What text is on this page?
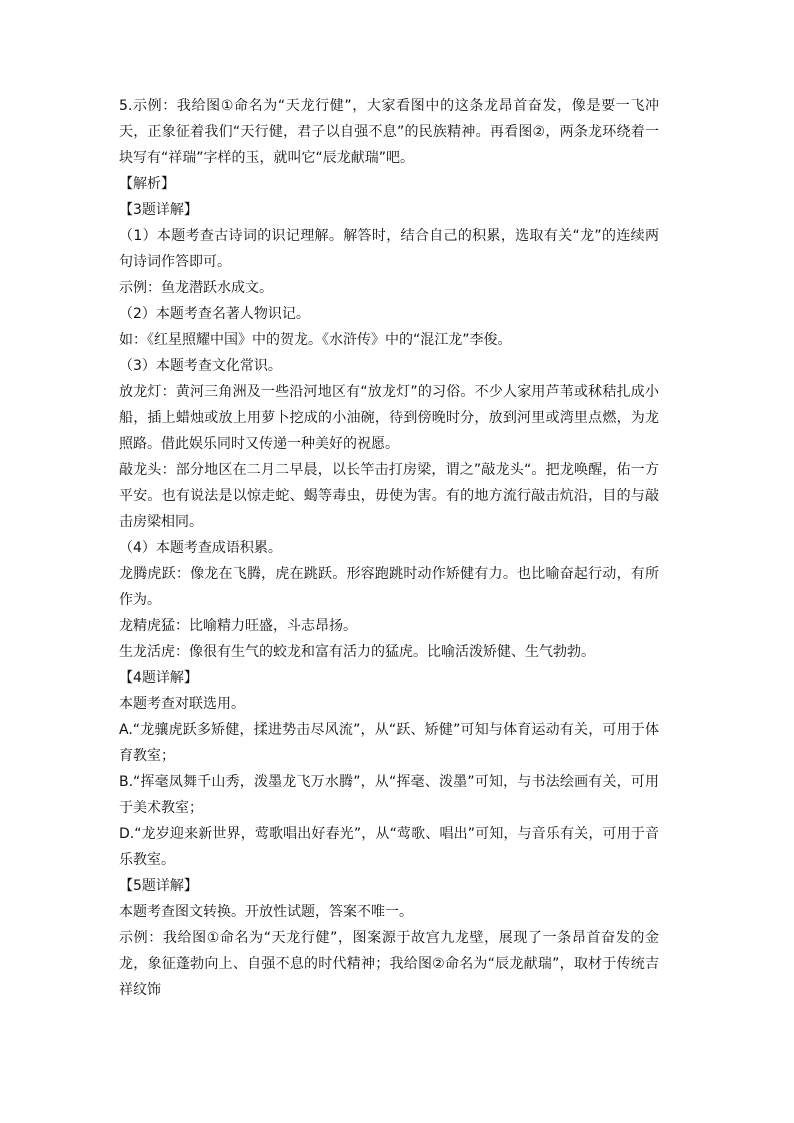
5.示例：我给图①命名为“天龙行健”，大家看图中的这条龙昂首奋发，像是要一飞冲天，正象征着我们“天行健，君子以自强不息”的民族精神。再看图②，两条龙环绕着一块写有“祥瑞”字样的玉，就叫它“辰龙献瑞”吧。

【解析】

【3题详解】

（1）本题考查古诗词的识记理解。解答时，结合自己的积累，选取有关“龙”的连续两句诗词作答即可。

示例：鱼龙潜跃水成文。

（2）本题考查名著人物识记。

如：《红星照耀中国》中的贺龙。《水浒传》中的“混江龙”李俊。

（3）本题考查文化常识。

放龙灯：黄河三角洲及一些沿河地区有“放龙灯”的习俗。不少人家用芦苇或秫秸扎成小船，插上蜡烛或放上用萝卜挖成的小油碗，待到傍晚时分，放到河里或湾里点燃，为龙照路。借此娱乐同时又传递一种美好的祝愿。

敲龙头：部分地区在二月二早晨，以长竿击打房梁，谓之”敲龙头“。把龙唤醒，佑一方平安。也有说法是以惊走蛇、蝎等毒虫，毋使为害。有的地方流行敲击炕沿，目的与敲击房梁相同。

（4）本题考查成语积累。

龙腾虎跃：像龙在飞腾，虎在跳跃。形容跑跳时动作矫健有力。也比喻奋起行动，有所作为。

龙精虎猛：比喻精力旺盛，斗志昂扬。

生龙活虎：像很有生气的蛟龙和富有活力的猛虎。比喻活泼矫健、生气勃勃。

【4题详解】

本题考查对联选用。

A.“龙骧虎跃多矫健，揉进势击尽风流”，从“跃、矫健”可知与体育运动有关，可用于体育教室；

B.“挥毫凤舞千山秀，泼墨龙飞万水腾”，从“挥毫、泼墨”可知，与书法绘画有关，可用于美术教室；

D.“龙岁迎来新世界，莺歌唱出好春光”，从“莺歌、唱出”可知，与音乐有关，可用于音乐教室。

【5题详解】

本题考查图文转换。开放性试题，答案不唯一。

示例：我给图①命名为“天龙行健”，图案源于故宫九龙壁，展现了一条昂首奋发的金龙，象征蓬勃向上、自强不息的时代精神；我给图②命名为“辰龙献瑞”，取材于传统吉祥纹饰
